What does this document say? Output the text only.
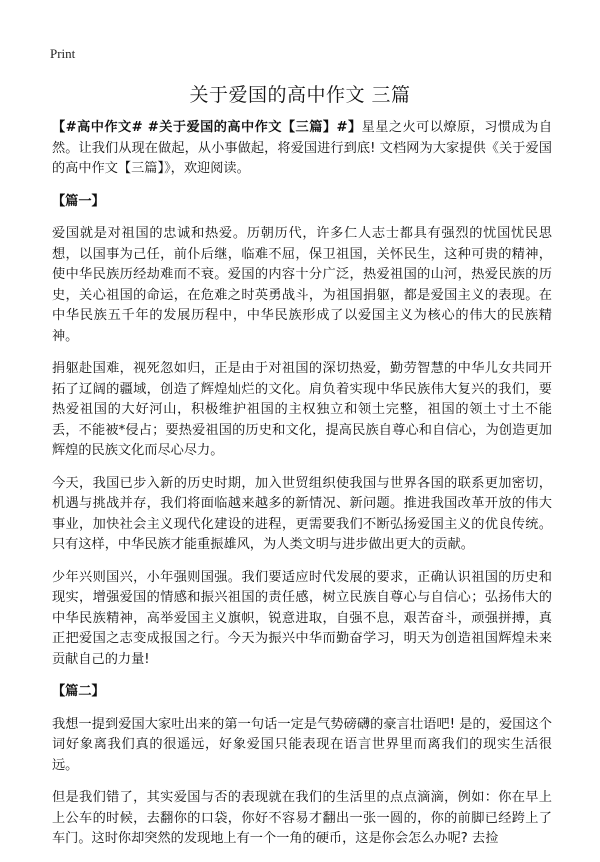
Print
关于爱国的高中作文 三篇

【#高中作文# #关于爱国的高中作文【三篇】#】星星之火可以燎原，习惯成为自然。让我们从现在做起，从小事做起，将爱国进行到底! 文档网为大家提供《关于爱国的高中作文【三篇】》，欢迎阅读。

【篇一】

爱国就是对祖国的忠诚和热爱。历朝历代，许多仁人志士都具有强烈的忧国忧民思想，以国事为己任，前仆后继，临难不屈，保卫祖国，关怀民生，这种可贵的精神，使中华民族历经劫难而不衰。爱国的内容十分广泛，热爱祖国的山河，热爱民族的历史，关心祖国的命运，在危难之时英勇战斗，为祖国捐躯，都是爱国主义的表现。在中华民族五千年的发展历程中，中华民族形成了以爱国主义为核心的伟大的民族精神。

捐躯赴国难，视死忽如归，正是由于对祖国的深切热爱，勤劳智慧的中华儿女共同开拓了辽阔的疆域，创造了辉煌灿烂的文化。肩负着实现中华民族伟大复兴的我们，要热爱祖国的大好河山，积极维护祖国的主权独立和领土完整，祖国的领土寸土不能丢，不能被*侵占；要热爱祖国的历史和文化，提高民族自尊心和自信心，为创造更加辉煌的民族文化而尽心尽力。

今天，我国已步入新的历史时期，加入世贸组织使我国与世界各国的联系更加密切，机遇与挑战并存，我们将面临越来越多的新情况、新问题。推进我国改革开放的伟大事业，加快社会主义现代化建设的进程，更需要我们不断弘扬爱国主义的优良传统。只有这样，中华民族才能重振雄风，为人类文明与进步做出更大的贡献。

少年兴则国兴，小年强则国强。我们要适应时代发展的要求，正确认识祖国的历史和现实，增强爱国的情感和振兴祖国的责任感，树立民族自尊心与自信心；弘扬伟大的中华民族精神，高举爱国主义旗帜，锐意进取，自强不息，艰苦奋斗，顽强拼搏，真正把爱国之志变成报国之行。今天为振兴中华而勤奋学习，明天为创造祖国辉煌未来贡献自己的力量!

【篇二】

我想一提到爱国大家吐出来的第一句话一定是气势磅礴的豪言壮语吧! 是的，爱国这个词好象离我们真的很遥远，好象爱国只能表现在语言世界里而离我们的现实生活很远。

但是我们错了，其实爱国与否的表现就在我们的生活里的点点滴滴，例如：你在早上上公车的时候，去翻你的口袋，你好不容易才翻出一张一圆的，你的前脚已经跨上了车门。这时你却突然的发现地上有一个一角的硬币，这是你会怎么办呢? 去捡
